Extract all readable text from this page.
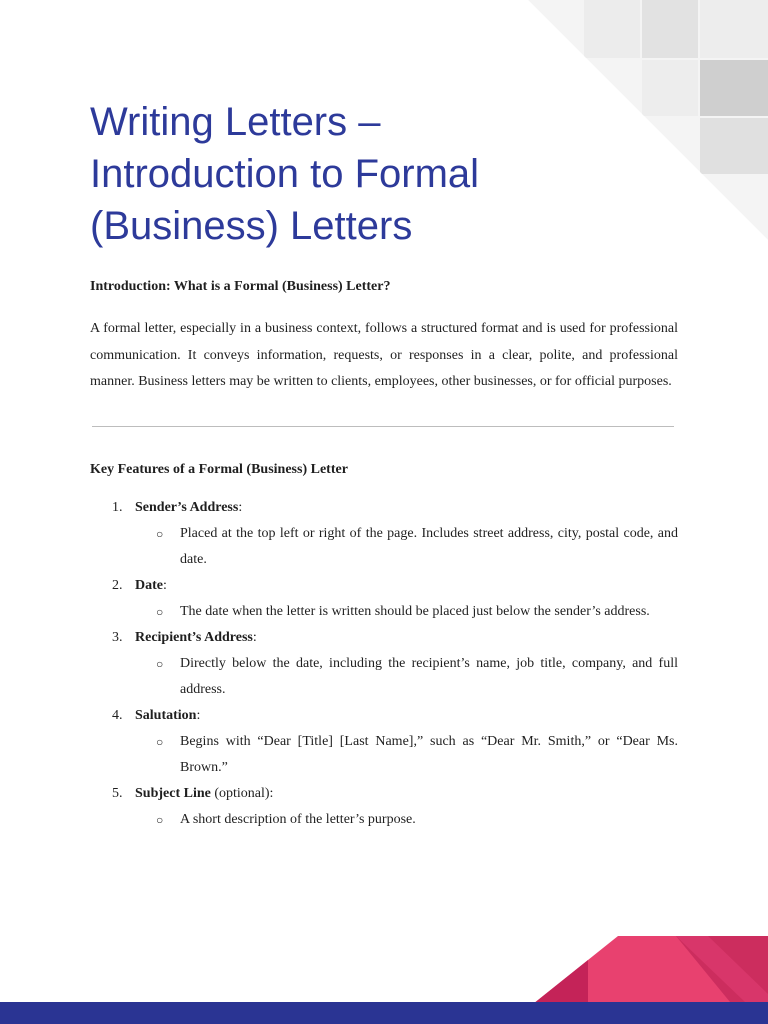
Writing Letters – Introduction to Formal (Business) Letters

Introduction: What is a Formal (Business) Letter?

A formal letter, especially in a business context, follows a structured format and is used for professional communication. It conveys information, requests, or responses in a clear, polite, and professional manner. Business letters may be written to clients, employees, other businesses, or for official purposes.

Key Features of a Formal (Business) Letter

1. Sender’s Address:
○ Placed at the top left or right of the page. Includes street address, city, postal code, and date.
2. Date:
○ The date when the letter is written should be placed just below the sender’s address.
3. Recipient’s Address:
○ Directly below the date, including the recipient’s name, job title, company, and full address.
4. Salutation:
○ Begins with “Dear [Title] [Last Name],” such as “Dear Mr. Smith,” or “Dear Ms. Brown.”
5. Subject Line (optional):
○ A short description of the letter’s purpose.
